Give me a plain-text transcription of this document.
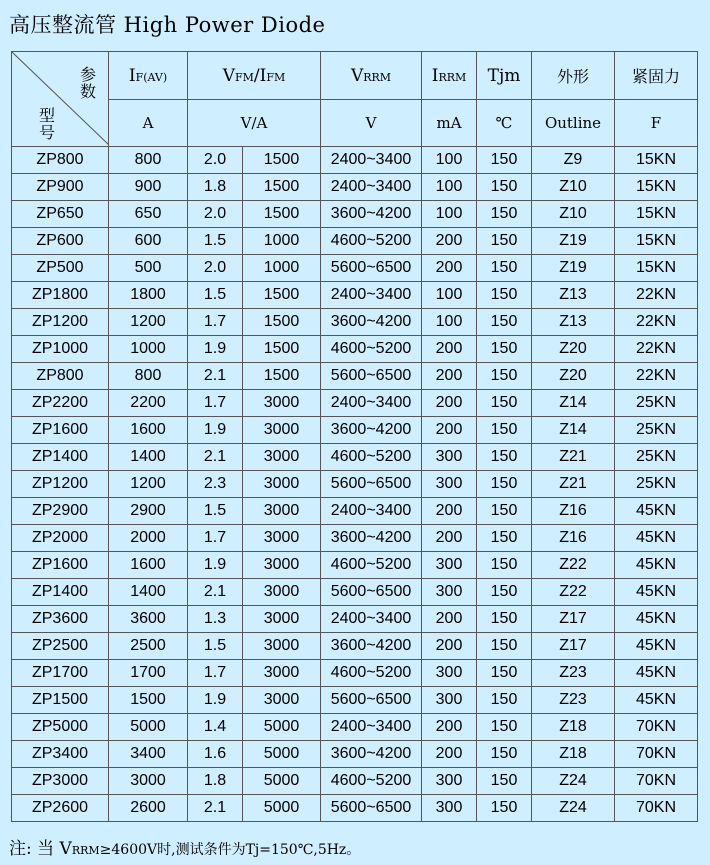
高压整流管 High Power Diode
参
数
型
号	IF(AV)	VFM/IFM		VRRM	IRRM	Tjm	外形	紧固力
	A	V/A		V	mA	℃	Outline	F
ZP800	800	2.0	1500	2400~3400	100	150	Z9	15KN
ZP900	900	1.8	1500	2400~3400	100	150	Z10	15KN
ZP650	650	2.0	1500	3600~4200	100	150	Z10	15KN
ZP600	600	1.5	1000	4600~5200	200	150	Z19	15KN
ZP500	500	2.0	1000	5600~6500	200	150	Z19	15KN
ZP1800	1800	1.5	1500	2400~3400	100	150	Z13	22KN
ZP1200	1200	1.7	1500	3600~4200	100	150	Z13	22KN
ZP1000	1000	1.9	1500	4600~5200	200	150	Z20	22KN
ZP800	800	2.1	1500	5600~6500	200	150	Z20	22KN
ZP2200	2200	1.7	3000	2400~3400	200	150	Z14	25KN
ZP1600	1600	1.9	3000	3600~4200	200	150	Z14	25KN
ZP1400	1400	2.1	3000	4600~5200	300	150	Z21	25KN
ZP1200	1200	2.3	3000	5600~6500	300	150	Z21	25KN
ZP2900	2900	1.5	3000	2400~3400	200	150	Z16	45KN
ZP2000	2000	1.7	3000	3600~4200	200	150	Z16	45KN
ZP1600	1600	1.9	3000	4600~5200	300	150	Z22	45KN
ZP1400	1400	2.1	3000	5600~6500	300	150	Z22	45KN
ZP3600	3600	1.3	3000	2400~3400	200	150	Z17	45KN
ZP2500	2500	1.5	3000	3600~4200	200	150	Z17	45KN
ZP1700	1700	1.7	3000	4600~5200	300	150	Z23	45KN
ZP1500	1500	1.9	3000	5600~6500	300	150	Z23	45KN
ZP5000	5000	1.4	5000	2400~3400	200	150	Z18	70KN
ZP3400	3400	1.6	5000	3600~4200	200	150	Z18	70KN
ZP3000	3000	1.8	5000	4600~5200	300	150	Z24	70KN
ZP2600	2600	2.1	5000	5600~6500	300	150	Z24	70KN
注: 当 VRRM≥4600V时,测试条件为Tj=150℃,5Hz。
